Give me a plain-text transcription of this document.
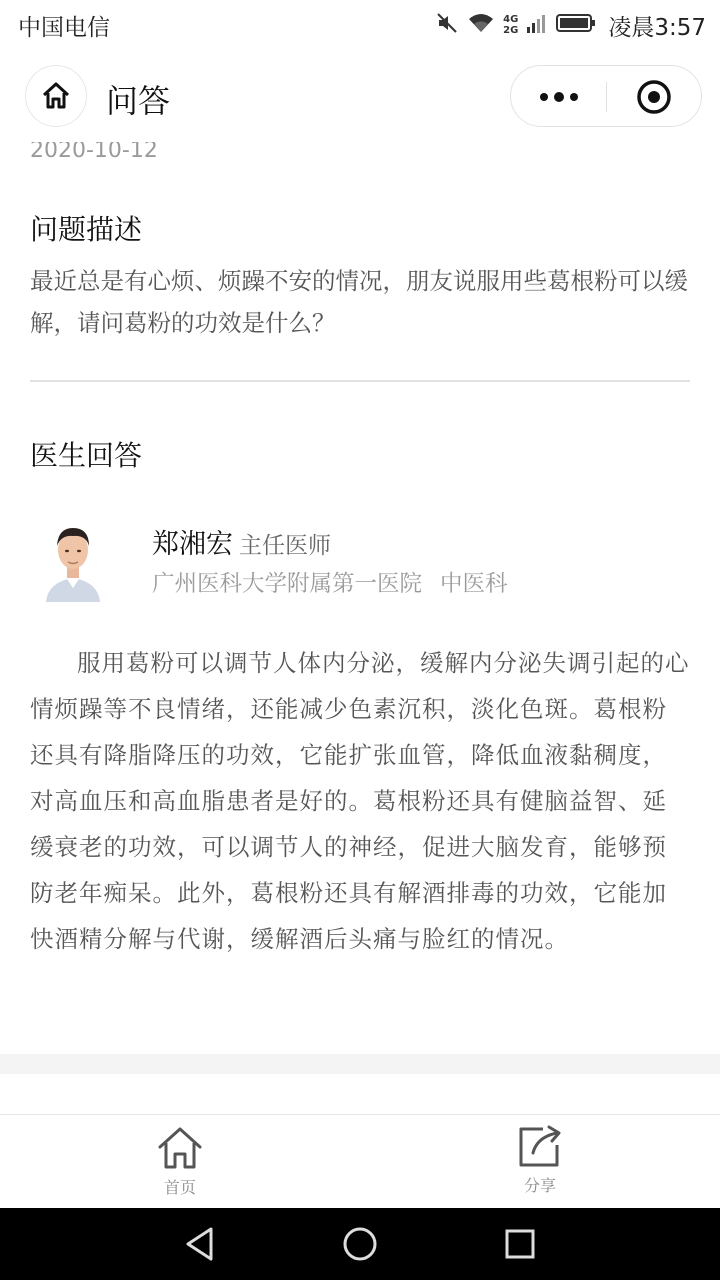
中国电信	4G
2G	凌晨3:57
问答
2020-10-12
问题描述

最近总是有心烦、烦躁不安的情况，朋友说服用些葛根粉可以缓解，请问葛粉的功效是什么？

医生回答
郑湘宏 主任医师
广州医科大学附属第一医院 中医科

服用葛粉可以调节人体内分泌，缓解内分泌失调引起的心情烦躁等不良情绪，还能减少色素沉积，淡化色斑。葛根粉还具有降脂降压的功效，它能扩张血管，降低血液黏稠度，对高血压和高血脂患者是好的。葛根粉还具有健脑益智、延缓衰老的功效，可以调节人的神经，促进大脑发育，能够预防老年痴呆。此外，葛根粉还具有解酒排毒的功效，它能加快酒精分解与代谢，缓解酒后头痛与脸红的情况。

首页	分享
